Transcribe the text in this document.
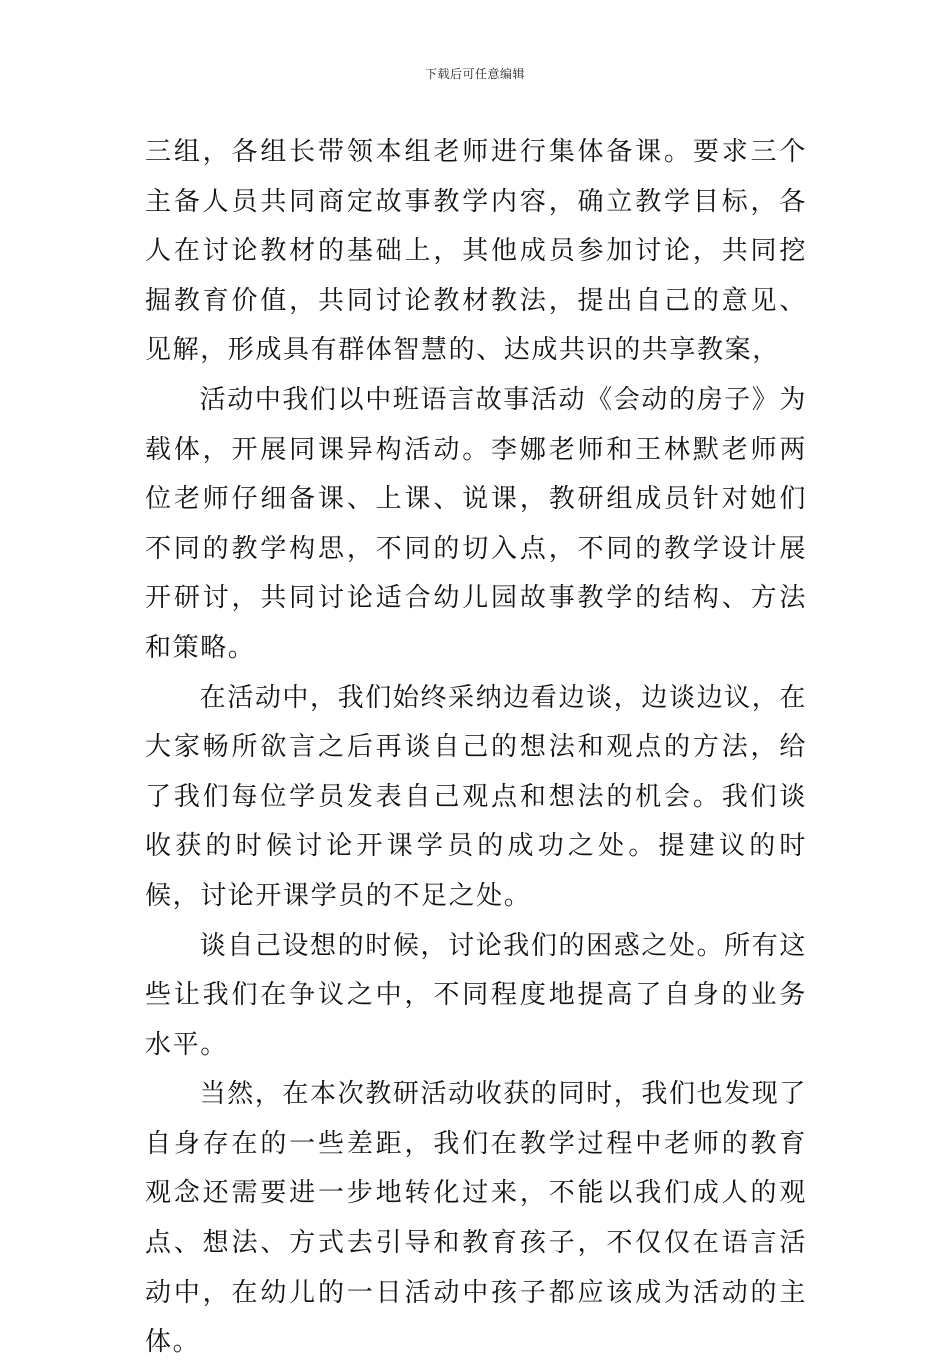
下载后可任意编辑

三组，各组长带领本组老师进行集体备课。要求三个主备人员共同商定故事教学内容，确立教学目标，各人在讨论教材的基础上，其他成员参加讨论，共同挖掘教育价值，共同讨论教材教法，提出自己的意见、见解，形成具有群体智慧的、达成共识的共享教案，

活动中我们以中班语言故事活动《会动的房子》为载体，开展同课异构活动。李娜老师和王林默老师两位老师仔细备课、上课、说课，教研组成员针对她们不同的教学构思，不同的切入点，不同的教学设计展开研讨，共同讨论适合幼儿园故事教学的结构、方法和策略。

在活动中，我们始终采纳边看边谈，边谈边议，在大家畅所欲言之后再谈自己的想法和观点的方法，给了我们每位学员发表自己观点和想法的机会。我们谈收获的时候讨论开课学员的成功之处。提建议的时候，讨论开课学员的不足之处。

谈自己设想的时候，讨论我们的困惑之处。所有这些让我们在争议之中，不同程度地提高了自身的业务水平。

当然，在本次教研活动收获的同时，我们也发现了自身存在的一些差距，我们在教学过程中老师的教育观念还需要进一步地转化过来，不能以我们成人的观点、想法、方式去引导和教育孩子，不仅仅在语言活动中，在幼儿的一日活动中孩子都应该成为活动的主体。
